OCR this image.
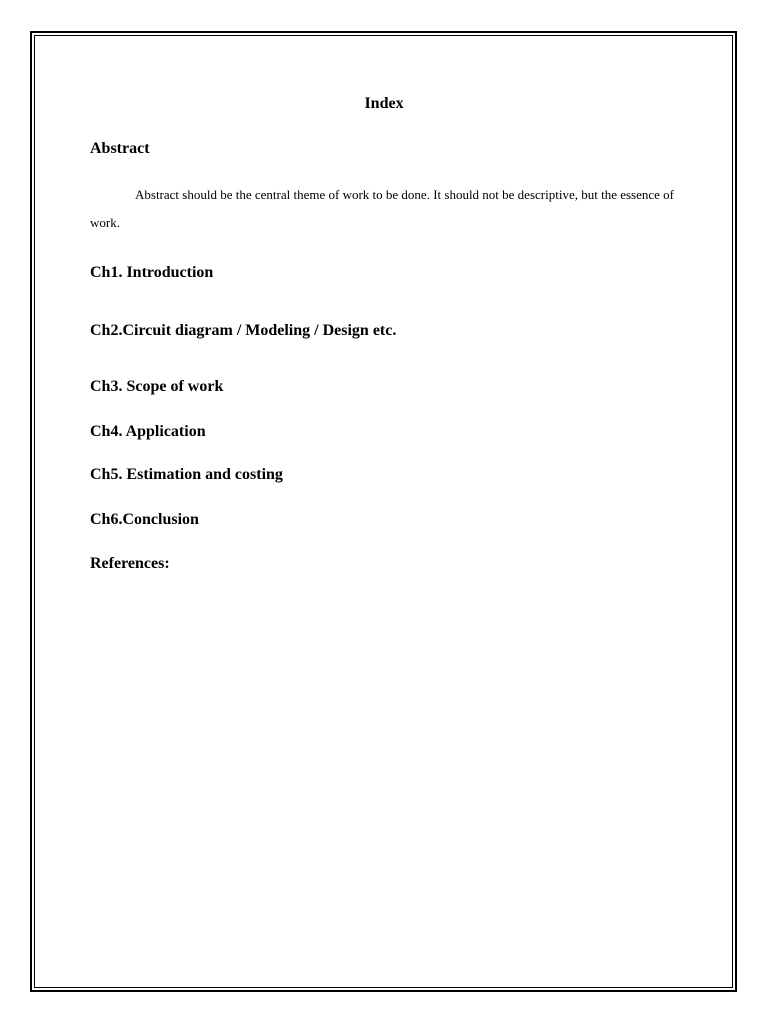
Index
Abstract

Abstract should be the central theme of work to be done. It should not be descriptive, but the essence of work.

Ch1. Introduction
Ch2.Circuit diagram / Modeling / Design etc.
Ch3. Scope of work
Ch4. Application
Ch5. Estimation and costing
Ch6.Conclusion
References:
